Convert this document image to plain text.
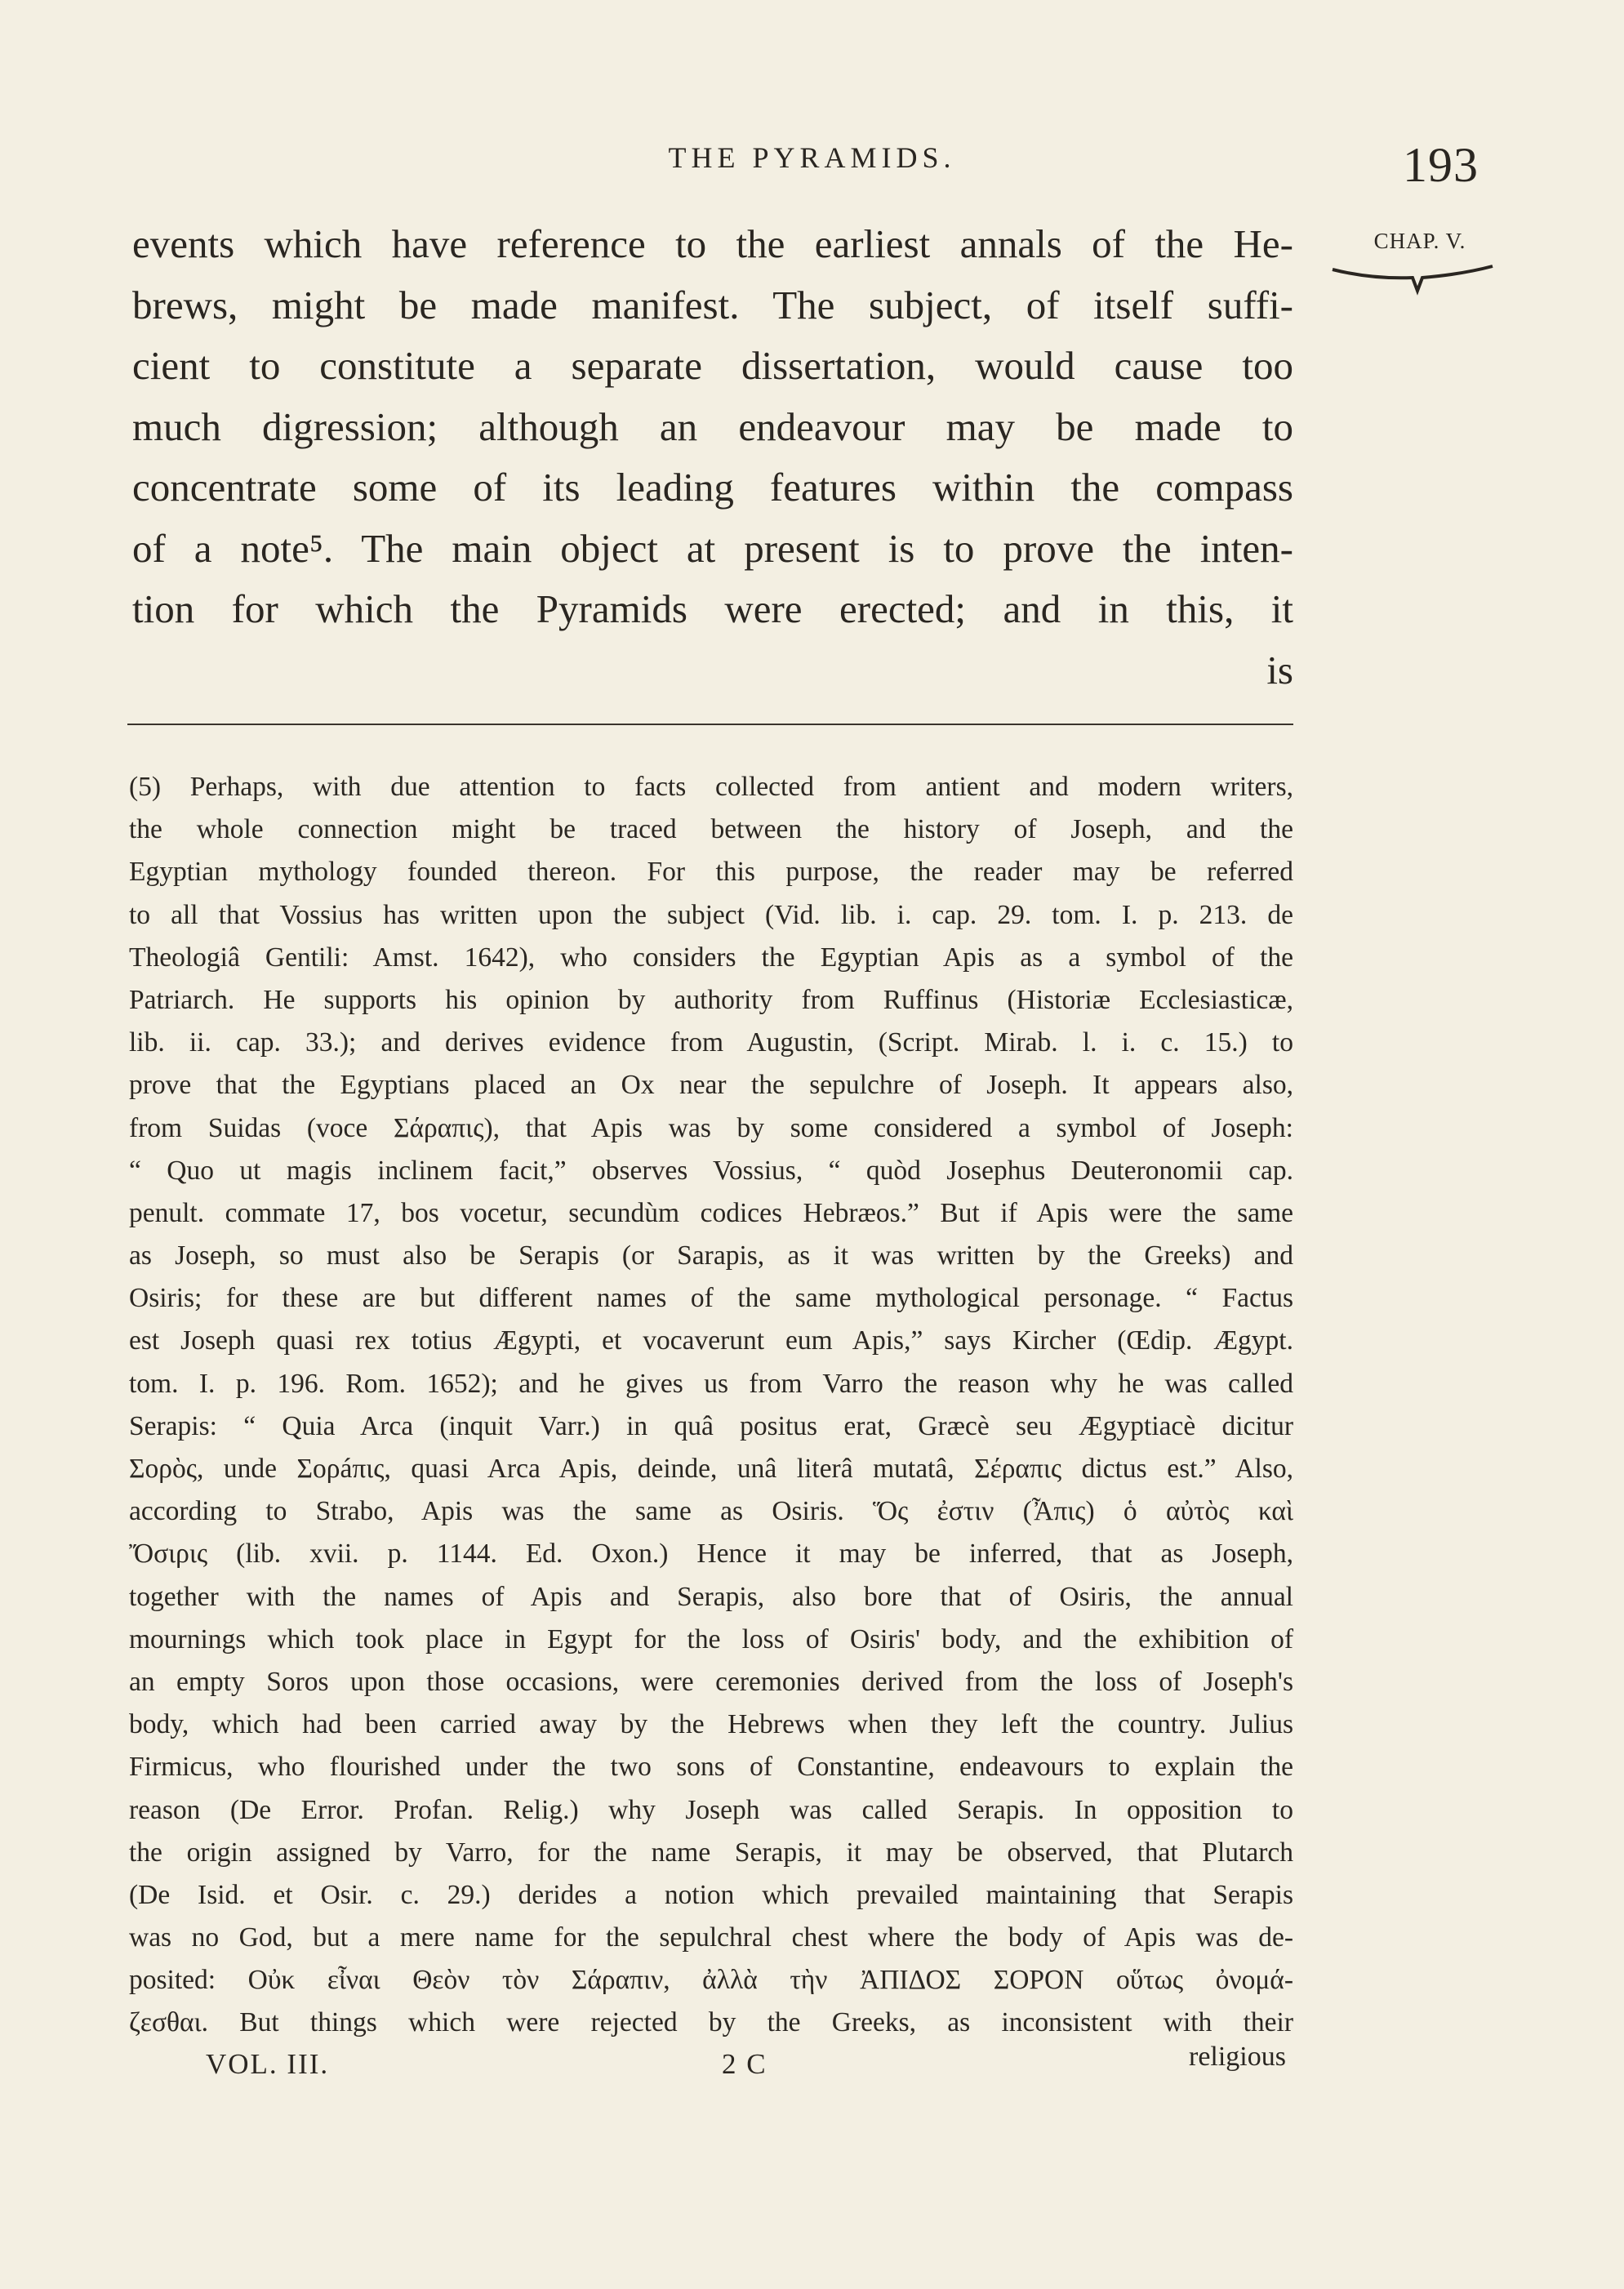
THE PYRAMIDS.	193
CHAP. V.
events which have reference to the earliest annals of the He-
brews, might be made manifest. The subject, of itself suffi-
cient to constitute a separate dissertation, would cause too
much digression; although an endeavour may be made to
concentrate some of its leading features within the compass
of a note⁵. The main object at present is to prove the inten-
tion for which the Pyramids were erected; and in this, it
is
(5) Perhaps, with due attention to facts collected from antient and modern writers,
the whole connection might be traced between the history of Joseph, and the
Egyptian mythology founded thereon. For this purpose, the reader may be referred
to all that Vossius has written upon the subject (Vid. lib. i. cap. 29. tom. I. p. 213. de
Theologiâ Gentili: Amst. 1642), who considers the Egyptian Apis as a symbol of the
Patriarch. He supports his opinion by authority from Ruffinus (Historiæ Ecclesiasticæ,
lib. ii. cap. 33.); and derives evidence from Augustin, (Script. Mirab. l. i. c. 15.) to
prove that the Egyptians placed an Ox near the sepulchre of Joseph. It appears also,
from Suidas (voce Σάραπις), that Apis was by some considered a symbol of Joseph:
“ Quo ut magis inclinem facit,” observes Vossius, “ quòd Josephus Deuteronomii cap.
penult. commate 17, bos vocetur, secundùm codices Hebræos.” But if Apis were the same
as Joseph, so must also be Serapis (or Sarapis, as it was written by the Greeks) and
Osiris; for these are but different names of the same mythological personage. “ Factus
est Joseph quasi rex totius Ægypti, et vocaverunt eum Apis,” says Kircher (Œdip. Ægypt.
tom. I. p. 196. Rom. 1652); and he gives us from Varro the reason why he was called
Serapis: “ Quia Arca (inquit Varr.) in quâ positus erat, Græcè seu Ægyptiacè dicitur
Σορὸς, unde Σορáπις, quasi Arca Apis, deinde, unâ literâ mutatâ, Σέραπις dictus est.” Also,
according to Strabo, Apis was the same as Osiris. Ὅς ἐστιν (Ἆπις) ὁ αὐτὸς καὶ
Ὄσιρις (lib. xvii. p. 1144. Ed. Oxon.) Hence it may be inferred, that as Joseph,
together with the names of Apis and Serapis, also bore that of Osiris, the annual
mournings which took place in Egypt for the loss of Osiris' body, and the exhibition of
an empty Soros upon those occasions, were ceremonies derived from the loss of Joseph's
body, which had been carried away by the Hebrews when they left the country. Julius
Firmicus, who flourished under the two sons of Constantine, endeavours to explain the
reason (De Error. Profan. Relig.) why Joseph was called Serapis. In opposition to
the origin assigned by Varro, for the name Serapis, it may be observed, that Plutarch
(De Isid. et Osir. c. 29.) derides a notion which prevailed maintaining that Serapis
was no God, but a mere name for the sepulchral chest where the body of Apis was de-
posited: Οὐκ εἶναι Θεὸν τὸν Σάραπιν, ἀλλὰ τὴν ἈΠΙΔΟΣ ΣΟΡΟΝ οὕτως ὀνομά-
ζεσθαι. But things which were rejected by the Greeks, as inconsistent with their
VOL. III.	2 C	religious
